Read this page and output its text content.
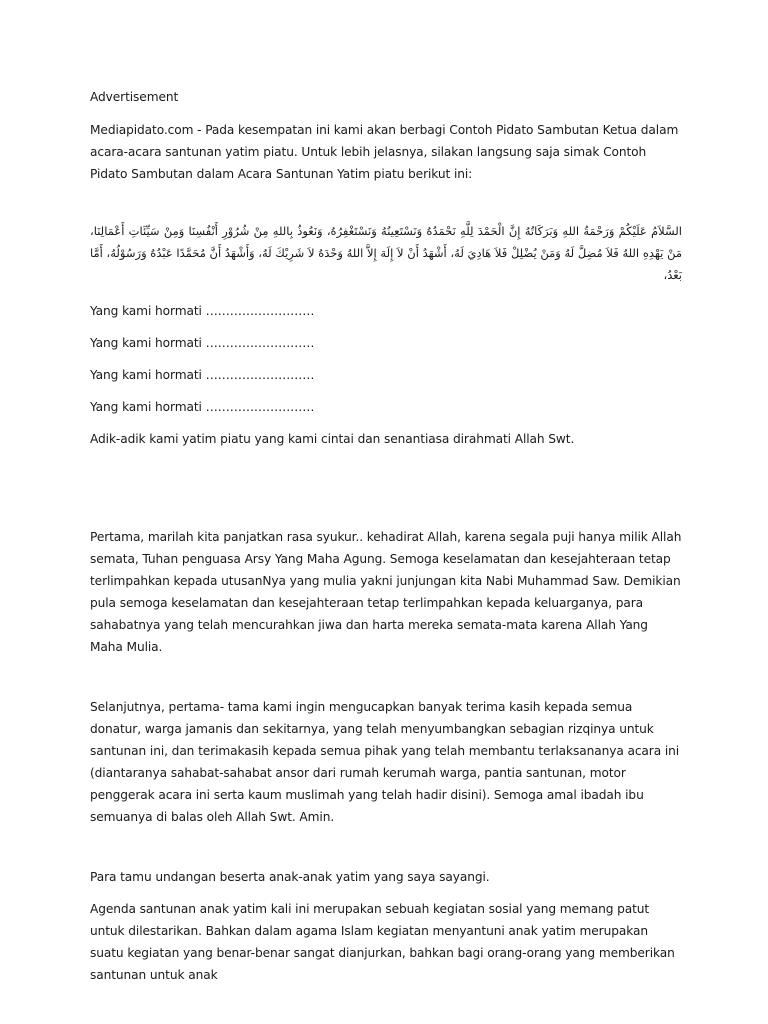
Advertisement

Mediapidato.com - Pada kesempatan ini kami akan berbagi Contoh Pidato Sambutan Ketua dalam acara-acara santunan yatim piatu. Untuk lebih jelasnya, silakan langsung saja simak Contoh Pidato Sambutan dalam Acara Santunan Yatim piatu berikut ini:

السَّلاَمُ عَلَيْكُمْ وَرَحْمَةُ اللهِ وَبَرَكَاتُهُ إِنَّ الْحَمْدَ لِلَّهِ نَحْمَدُهُ وَنَسْتَعِينُهُ وَنَسْتَغْفِرُهُ، وَنَعُوذُ بِاللهِ مِنْ شُرُوْرِ أَنْفُسِنَا وَمِنْ سَيِّئَاتِ أَعْمَالِنَا، مَنْ يَهْدِهِ اللهُ فَلاَ مُضِلَّ لَهُ وَمَنْ يُضْلِلْ فَلاَ هَادِيَ لَهُ، أَشْهَدُ أَنْ لاَ إِلَهَ إِلاَّ اللهُ وَحْدَهُ لاَ شَرِيْكَ لَهُ، وَأَشْهَدُ أَنَّ مُحَمَّدًا عَبْدُهُ وَرَسُوْلُهُ، أَمَّا بَعْدُ،

Yang kami hormati ………………………

Yang kami hormati ………………………

Yang kami hormati ………………………

Yang kami hormati ………………………

Adik-adik kami yatim piatu yang kami cintai dan senantiasa dirahmati Allah Swt.

Pertama, marilah kita panjatkan rasa syukur.. kehadirat Allah, karena segala puji hanya milik Allah semata, Tuhan penguasa Arsy Yang Maha Agung. Semoga keselamatan dan kesejahteraan tetap terlimpahkan kepada utusanNya yang mulia yakni junjungan kita Nabi Muhammad Saw. Demikian pula semoga keselamatan dan kesejahteraan tetap terlimpahkan kepada keluarganya, para sahabatnya yang telah mencurahkan jiwa dan harta mereka semata-mata karena Allah Yang Maha Mulia.

Selanjutnya, pertama- tama kami ingin mengucapkan banyak terima kasih kepada semua donatur, warga jamanis dan sekitarnya, yang telah menyumbangkan sebagian rizqinya untuk santunan ini, dan terimakasih kepada semua pihak yang telah membantu terlaksananya acara ini (diantaranya sahabat-sahabat ansor dari rumah kerumah warga, pantia santunan, motor penggerak acara ini serta kaum muslimah yang telah hadir disini). Semoga amal ibadah ibu semuanya di balas oleh Allah Swt. Amin.

Para tamu undangan beserta anak-anak yatim yang saya sayangi.

Agenda santunan anak yatim kali ini merupakan sebuah kegiatan sosial yang memang patut untuk dilestarikan. Bahkan dalam agama Islam kegiatan menyantuni anak yatim merupakan suatu kegiatan yang benar-benar sangat dianjurkan, bahkan bagi orang-orang yang memberikan santunan untuk anak
